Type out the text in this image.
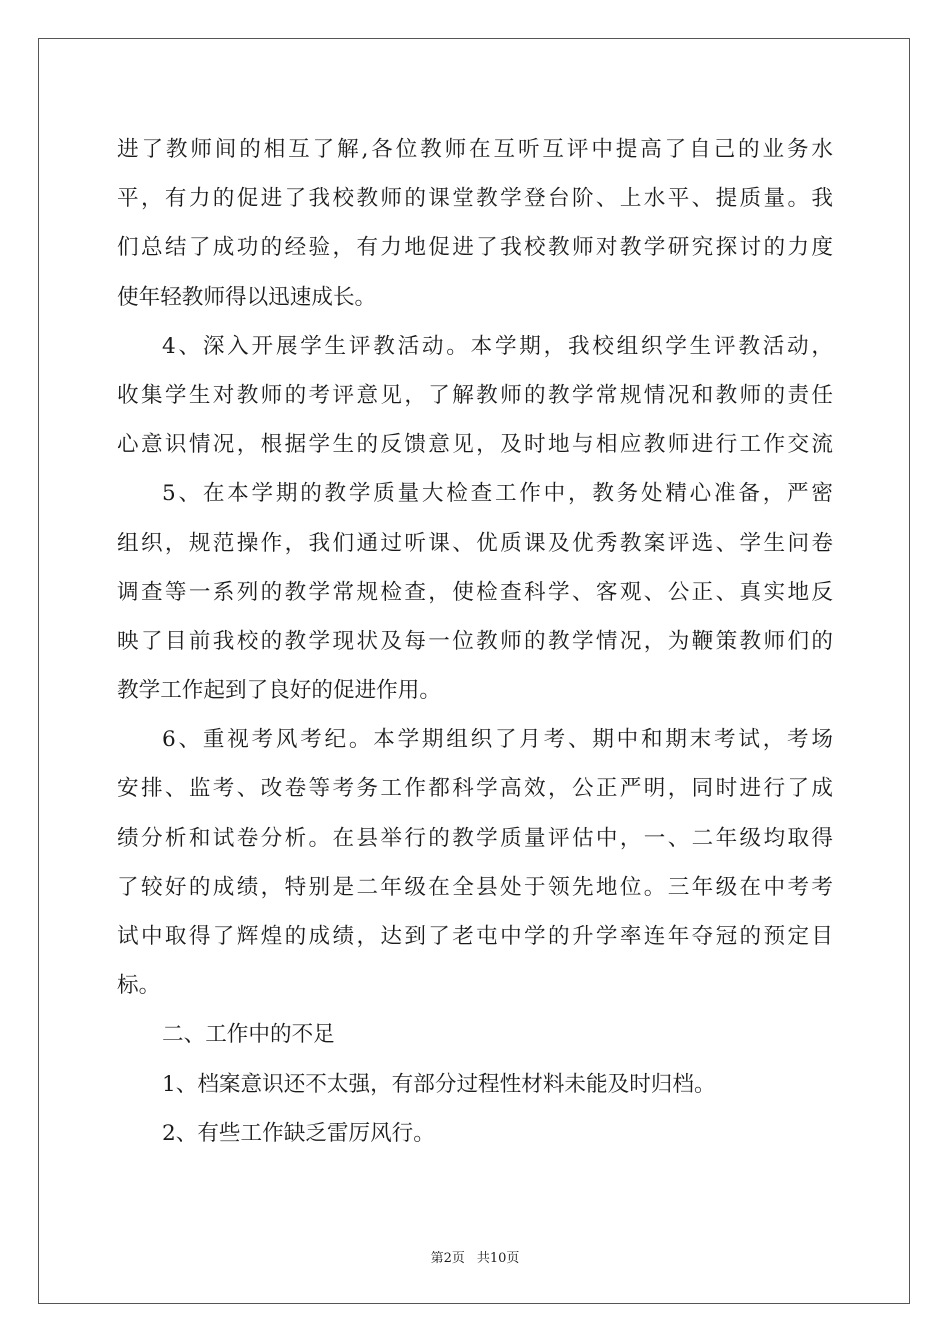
进了教师间的相互了解,各位教师在互听互评中提高了自己的业务水
平，有力的促进了我校教师的课堂教学登台阶、上水平、提质量。我
们总结了成功的经验，有力地促进了我校教师对教学研究探讨的力度
使年轻教师得以迅速成长。
4、深入开展学生评教活动。本学期，我校组织学生评教活动，
收集学生对教师的考评意见，了解教师的教学常规情况和教师的责任
心意识情况，根据学生的反馈意见，及时地与相应教师进行工作交流
5、在本学期的教学质量大检查工作中，教务处精心准备，严密
组织，规范操作，我们通过听课、优质课及优秀教案评选、学生问卷
调查等一系列的教学常规检查，使检查科学、客观、公正、真实地反
映了目前我校的教学现状及每一位教师的教学情况，为鞭策教师们的
教学工作起到了良好的促进作用。
6、重视考风考纪。本学期组织了月考、期中和期末考试，考场
安排、监考、改卷等考务工作都科学高效，公正严明，同时进行了成
绩分析和试卷分析。在县举行的教学质量评估中，一、二年级均取得
了较好的成绩，特别是二年级在全县处于领先地位。三年级在中考考
试中取得了辉煌的成绩，达到了老屯中学的升学率连年夺冠的预定目
标。
二、工作中的不足
1、档案意识还不太强，有部分过程性材料未能及时归档。
2、有些工作缺乏雷厉风行。
第2页 共10页
